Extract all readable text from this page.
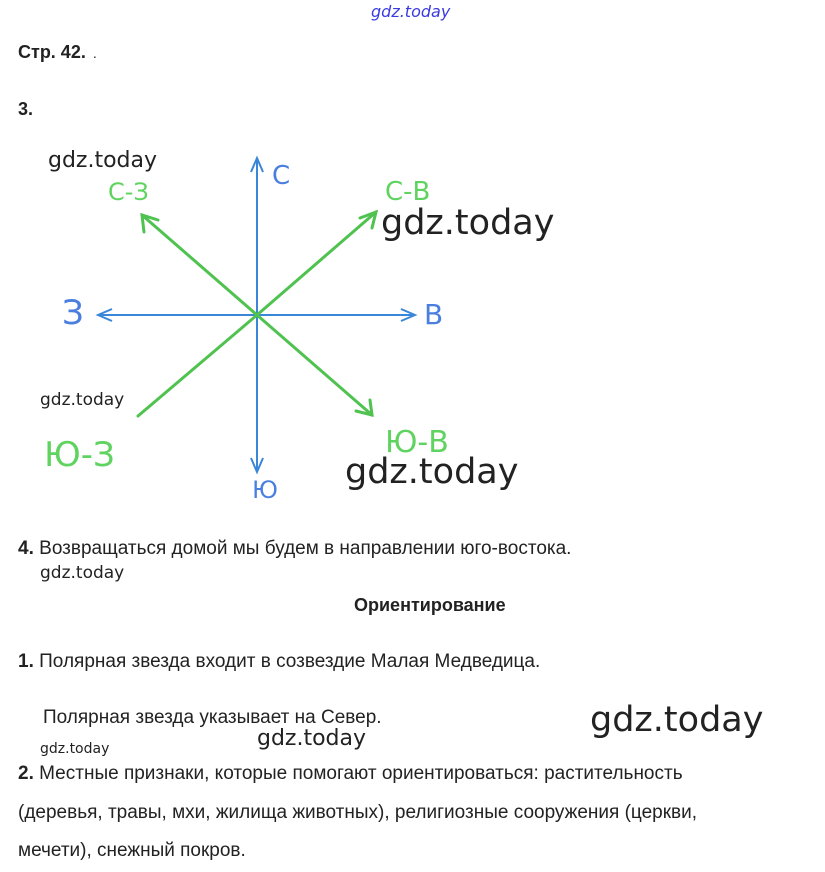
gdz.today
Стр. 42. .
3.
С
Ю
В
З
С-В
С-З
Ю-В
Ю-З
gdz.today
gdz.today
gdz.today
gdz.today
4. Возвращаться домой мы будем в направлении юго-востока.
gdz.today
Ориентирование
1. Полярная звезда входит в созвездие Малая Медведица.
Полярная звезда указывает на Север.	gdz.today
gdz.today
gdz.today
2. Местные признаки, которые помогают ориентироваться: растительность
(деревья, травы, мхи, жилища животных), религиозные сооружения (церкви,
мечети), снежный покров.
